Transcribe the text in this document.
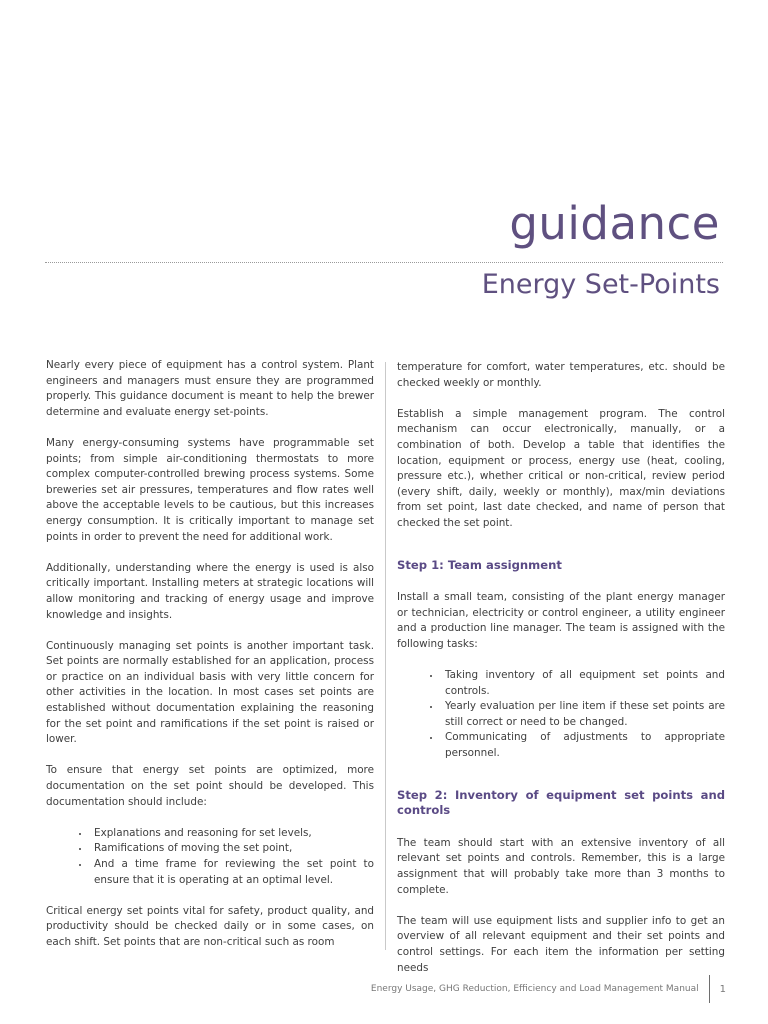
guidance
Energy Set-Points

Nearly every piece of equipment has a control system. Plant engineers and managers must ensure they are programmed properly. This guidance document is meant to help the brewer determine and evaluate energy set-points.

Many energy-consuming systems have programmable set points; from simple air-conditioning thermostats to more complex computer-controlled brewing process systems. Some breweries set air pressures, temperatures and flow rates well above the acceptable levels to be cautious, but this increases energy consumption. It is critically important to manage set points in order to prevent the need for additional work.

Additionally, understanding where the energy is used is also critically important. Installing meters at strategic locations will allow monitoring and tracking of energy usage and improve knowledge and insights.

Continuously managing set points is another important task. Set points are normally established for an application, process or practice on an individual basis with very little concern for other activities in the location. In most cases set points are established without documentation explaining the reasoning for the set point and ramifications if the set point is raised or lower.

To ensure that energy set points are optimized, more documentation on the set point should be developed. This documentation should include:

• Explanations and reasoning for set levels,
• Ramifications of moving the set point,
• And a time frame for reviewing the set point to ensure that it is operating at an optimal level.

Critical energy set points vital for safety, product quality, and productivity should be checked daily or in some cases, on each shift. Set points that are non-critical such as room

temperature for comfort, water temperatures, etc. should be checked weekly or monthly.

Establish a simple management program. The control mechanism can occur electronically, manually, or a combination of both. Develop a table that identifies the location, equipment or process, energy use (heat, cooling, pressure etc.), whether critical or non-critical, review period (every shift, daily, weekly or monthly), max/min deviations from set point, last date checked, and name of person that checked the set point.

Step 1: Team assignment

Install a small team, consisting of the plant energy manager or technician, electricity or control engineer, a utility engineer and a production line manager. The team is assigned with the following tasks:

• Taking inventory of all equipment set points and controls.
• Yearly evaluation per line item if these set points are still correct or need to be changed.
• Communicating of adjustments to appropriate personnel.
Step 2: Inventory of equipment set points and controls

The team should start with an extensive inventory of all relevant set points and controls. Remember, this is a large assignment that will probably take more than 3 months to complete.

The team will use equipment lists and supplier info to get an overview of all relevant equipment and their set points and control settings. For each item the information per setting needs

Energy Usage, GHG Reduction, Efficiency and Load Management Manual 1
